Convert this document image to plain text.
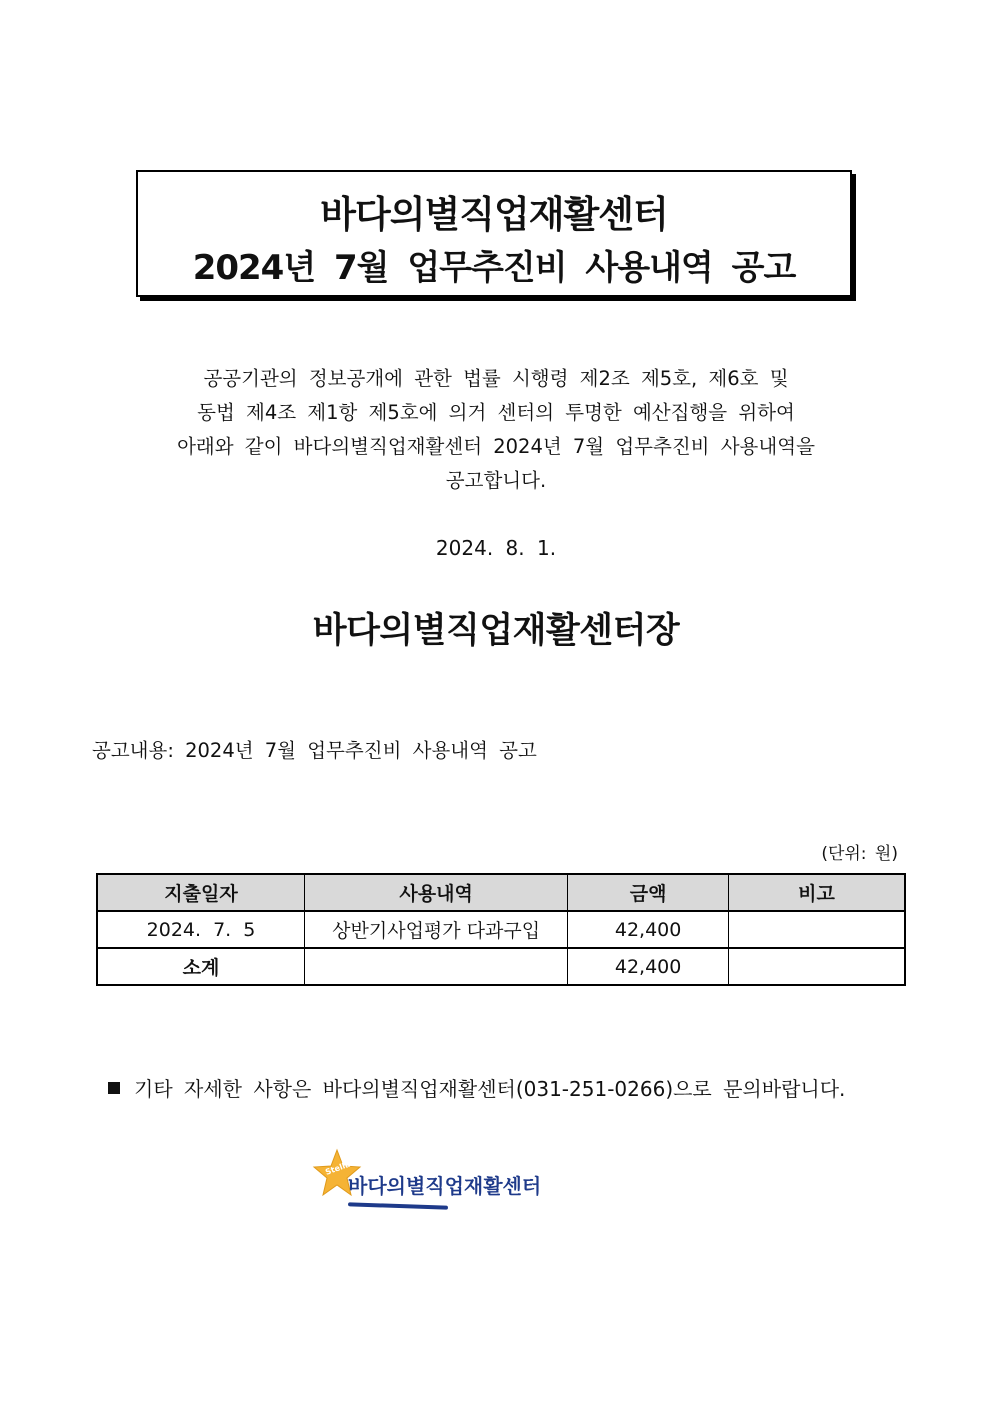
바다의별직업재활센터
2024년 7월 업무추진비 사용내역 공고
공공기관의 정보공개에 관한 법률 시행령 제2조 제5호, 제6호 및
동법 제4조 제1항 제5호에 의거 센터의 투명한 예산집행을 위하여
아래와 같이 바다의별직업재활센터 2024년 7월 업무추진비 사용내역을
공고합니다.
2024. 8. 1.
바다의별직업재활센터장
공고내용: 2024년 7월 업무추진비 사용내역 공고
(단위: 원)
지출일자	사용내역	금액	비고
2024. 7. 5	상반기사업평가 다과구입	42,400	
소계		42,400	
기타 자세한 사항은 바다의별직업재활센터(031-251-0266)으로 문의바랍니다.
Stella Maris
바다의별직업재활센터
